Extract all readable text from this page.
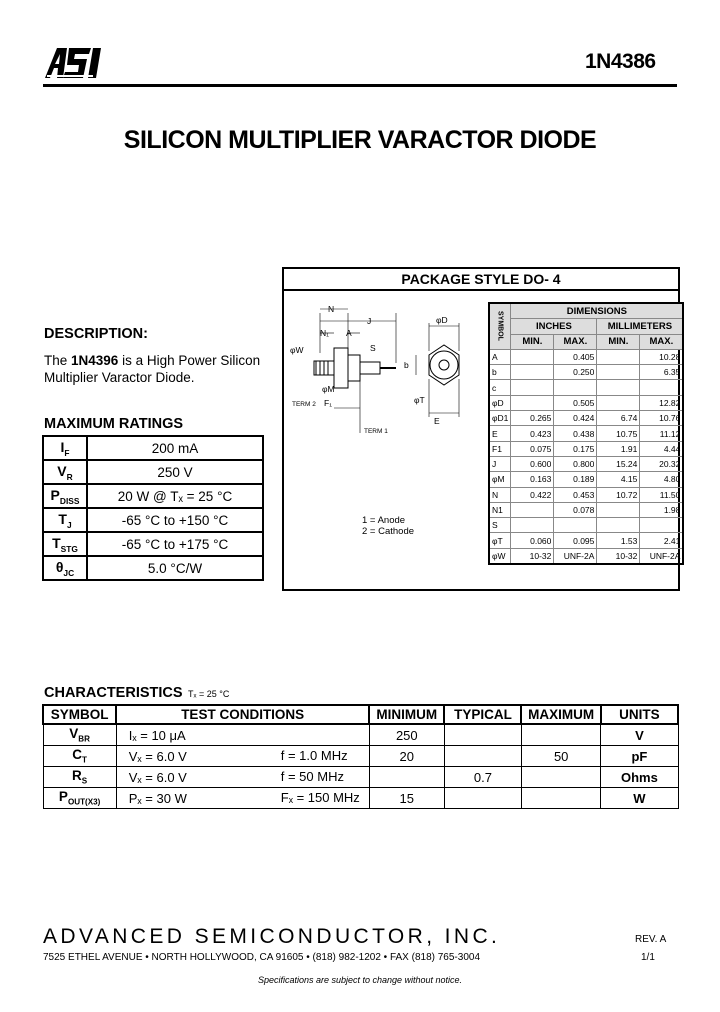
1N4386
SILICON MULTIPLIER VARACTOR DIODE
PACKAGE STYLE DO- 4
N
N₁ A
J
φW
φM
S
TERM 2 F₁
TERM 1
φD
b
φT
E
1 = Anode
2 = Cathode
SYMBOL	DIMENSIONS			
	INCHES		MILLIMETERS	
	MIN.	MAX.	MIN.	MAX.
A		0.405		10.28
b		0.250		6.35
c				
φD		0.505		12.82
φD1	0.265	0.424	6.74	10.76
E	0.423	0.438	10.75	11.12
F1	0.075	0.175	1.91	4.44
J	0.600	0.800	15.24	20.32
φM	0.163	0.189	4.15	4.80
N	0.422	0.453	10.72	11.50
N1		0.078		1.98
S				
φT	0.060	0.095	1.53	2.41
φW	10-32	UNF-2A	10-32	UNF-2A
DESCRIPTION:
The 1N4396 is a High Power Silicon Multiplier Varactor Diode.
MAXIMUM RATINGS
$I_F$	200 mA
$V_R$	250 V
$P_{DISS}$	20 W @ Tₓ = 25 °C
$T_J$	-65 °C to +150 °C
$T_{STG}$	-65 °C to +175 °C
$\theta_{JC}$	5.0 °C/W
CHARACTERISTICS Tₓ = 25 °C
SYMBOL	TEST CONDITIONS	MINIMUM	TYPICAL	MAXIMUM	UNITS
$V_{BR}$	Iₓ = 10 μA	250			V
$C_T$	Vₓ = 6.0 V f = 1.0 MHz	20		50	pF
$R_S$	Vₓ = 6.0 V f = 50 MHz		0.7		Ohms
$P_{OUT(X3)}$	Pₓ = 30 W Fₓ = 150 MHz	15			W
ADVANCED SEMICONDUCTOR, INC.	REV. A
7525 ETHEL AVENUE • NORTH HOLLYWOOD, CA 91605 • (818) 982-1202 • FAX (818) 765-3004	1/1
Specifications are subject to change without notice.
